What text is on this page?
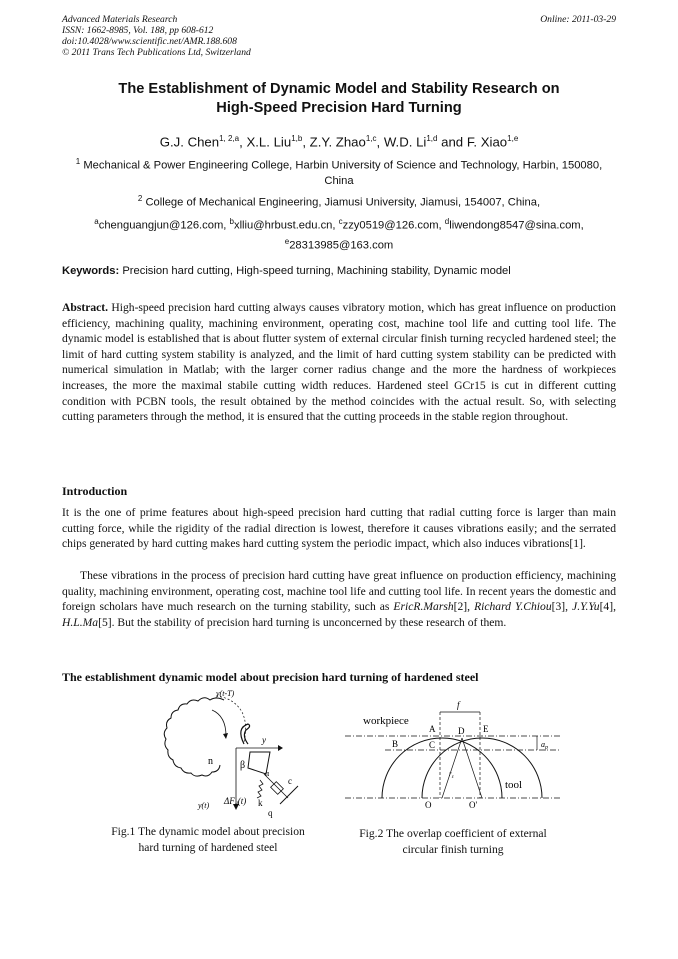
Advanced Materials Research
ISSN: 1662-8985, Vol. 188, pp 608-612
doi:10.4028/www.scientific.net/AMR.188.608
© 2011 Trans Tech Publications Ltd, Switzerland
Online: 2011-03-29
The Establishment of Dynamic Model and Stability Research on
High-Speed Precision Hard Turning
G.J. Chen$^{1, 2,a}$, X.L. Liu$^{1,b}$, Z.Y. Zhao$^{1,c}$, W.D. Li$^{1,d}$ and F. Xiao$^{1,e}$
$^1$ Mechanical & Power Engineering College, Harbin University of Science and Technology, Harbin, 150080, China
$^2$ College of Mechanical Engineering, Jiamusi University, Jiamusi, 154007, China,
$^a$chenguangjun@126.com, $^b$xlliu@hrbust.edu.cn, $^c$zzy0519@126.com, $^d$liwendong8547@sina.com,
$^e$28313985@163.com
Keywords: Precision hard cutting, High-speed turning, Machining stability, Dynamic model
Abstract. High-speed precision hard cutting always causes vibratory motion, which has great influence on production efficiency, machining quality, machining environment, operating cost, machine tool life and cutting tool life. The dynamic model is established that is about flutter system of external circular finish turning recycled hardened steel; the limit of hard cutting system stability is analyzed, and the limit of hard cutting system stability can be predicted with numerical simulation in Matlab; with the larger corner radius change and the more the hardness of workpieces increases, the more the maximal stabile cutting width reduces. Hardened steel GCr15 is cut in different cutting condition with PCBN tools, the result obtained by the method coincides with the actual result. So, with selecting cutting parameters through the method, it is ensured that the cutting proceeds in the stable region throughout.
Introduction
It is the one of prime features about high-speed precision hard cutting that radial cutting force is larger than main cutting force, while the rigidity of the radial direction is lowest, therefore it causes vibrations easily; and the serrated chips generated by hard cutting makes hard cutting system the periodic impact, which also induces vibrations[1].
These vibrations in the process of precision hard cutting have great influence on production efficiency, machining quality, machining environment, operating cost, machine tool life and cutting tool life. In recent years the domestic and foreign scholars have much research on the turning stability, such as EricR.Marsh[2], Richard Y.Chiou[3], J.Y.Yu[4], H.L.Ma[5]. But the stability of precision hard turning is unconcerned by these research of them.
The establishment dynamic model about precision hard turning of hardened steel
y(t-T)
y
n	β
α
c
k
q
y(t) $\Delta F_d(t)$
Fig.1 The dynamic model about precision
hard turning of hardened steel
workpiece
f
A	D E
B	C	$a_p$
$r_\varepsilon$
tool
O	O'
Fig.2 The overlap coefficient of external
circular finish turning
